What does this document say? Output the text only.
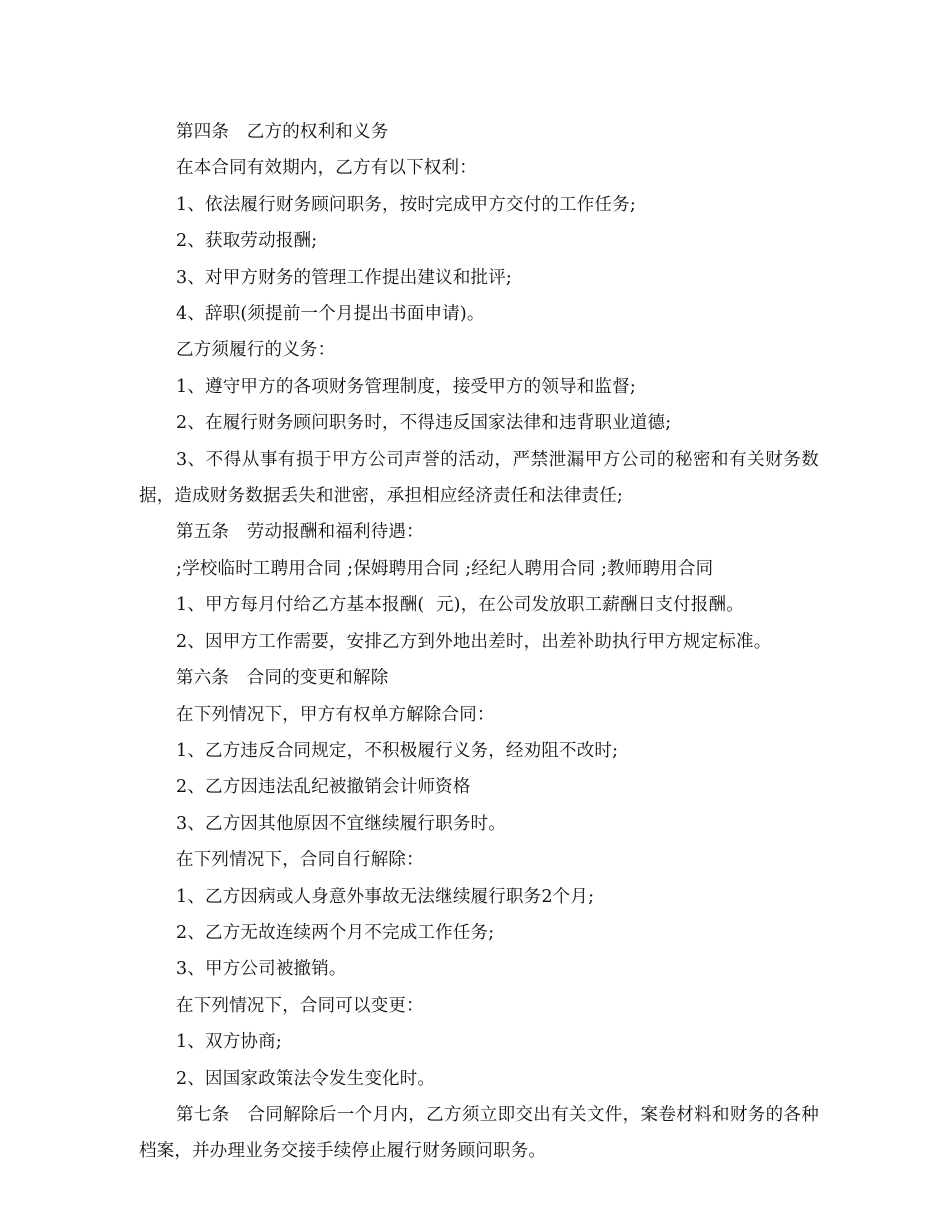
第四条　乙方的权利和义务

在本合同有效期内，乙方有以下权利：

1、依法履行财务顾问职务，按时完成甲方交付的工作任务;

2、获取劳动报酬;

3、对甲方财务的管理工作提出建议和批评;

4、辞职(须提前一个月提出书面申请)。

乙方须履行的义务：

1、遵守甲方的各项财务管理制度，接受甲方的领导和监督;

2、在履行财务顾问职务时，不得违反国家法律和违背职业道德;

3、不得从事有损于甲方公司声誉的活动，严禁泄漏甲方公司的秘密和有关财务数据，造成财务数据丢失和泄密，承担相应经济责任和法律责任;

第五条　劳动报酬和福利待遇：

;学校临时工聘用合同 ;保姆聘用合同 ;经纪人聘用合同 ;教师聘用合同

1、甲方每月付给乙方基本报酬(  元)，在公司发放职工薪酬日支付报酬。

2、因甲方工作需要，安排乙方到外地出差时，出差补助执行甲方规定标准。

第六条　合同的变更和解除

在下列情况下，甲方有权单方解除合同：

1、乙方违反合同规定，不积极履行义务，经劝阻不改时;

2、乙方因违法乱纪被撤销会计师资格

3、乙方因其他原因不宜继续履行职务时。

在下列情况下，合同自行解除：

1、乙方因病或人身意外事故无法继续履行职务2个月;

2、乙方无故连续两个月不完成工作任务;

3、甲方公司被撤销。

在下列情况下，合同可以变更：

1、双方协商;

2、因国家政策法令发生变化时。

第七条　合同解除后一个月内，乙方须立即交出有关文件，案卷材料和财务的各种档案，并办理业务交接手续停止履行财务顾问职务。
